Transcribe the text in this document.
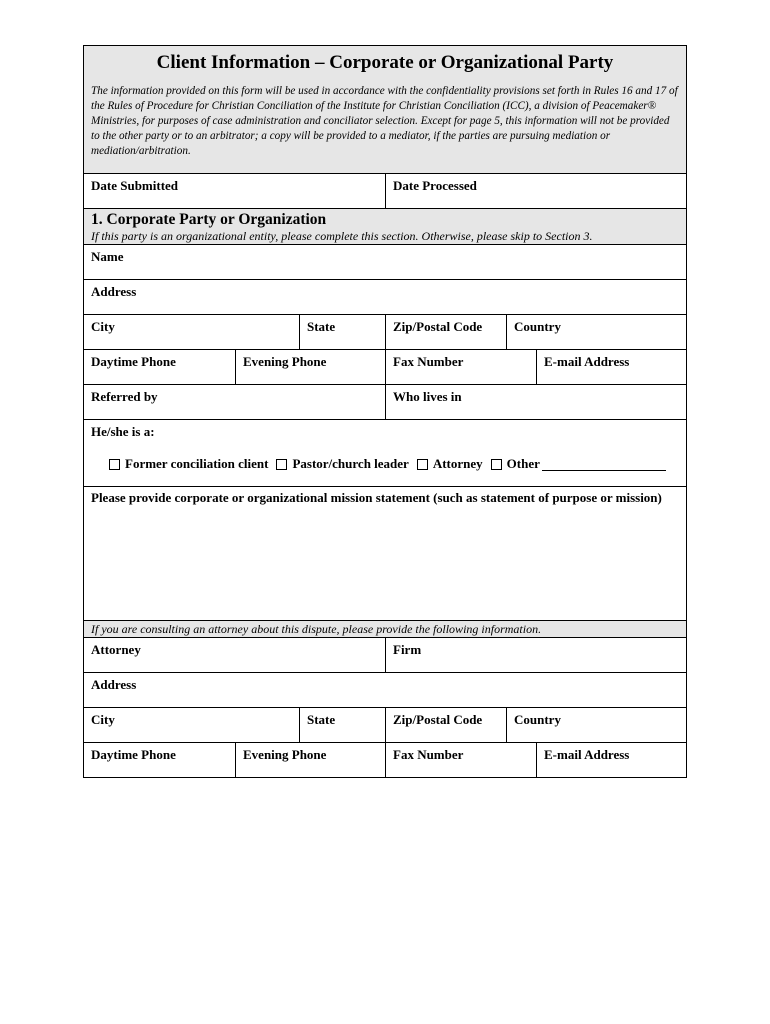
Client Information – Corporate or Organizational Party

The information provided on this form will be used in accordance with the confidentiality provisions set forth in Rules 16 and 17 of the Rules of Procedure for Christian Conciliation of the Institute for Christian Conciliation (ICC), a division of Peacemaker® Ministries, for purposes of case administration and conciliator selection. Except for page 5, this information will not be provided to the other party or to an arbitrator; a copy will be provided to a mediator, if the parties are pursuing mediation or mediation/arbitration.

Date Submitted	Date Processed
1. Corporate Party or Organization
If this party is an organizational entity, please complete this section. Otherwise, please skip to Section 3.
Name
Address
City	State	Zip/Postal Code	Country
Daytime Phone	Evening Phone	Fax Number	E-mail Address
Referred by	Who lives in
He/she is a:
Former conciliation client Pastor/church leader Attorney Other
Please provide corporate or organizational mission statement (such as statement of purpose or mission)
If you are consulting an attorney about this dispute, please provide the following information.
Attorney	Firm
Address
City	State	Zip/Postal Code	Country
Daytime Phone	Evening Phone	Fax Number	E-mail Address
